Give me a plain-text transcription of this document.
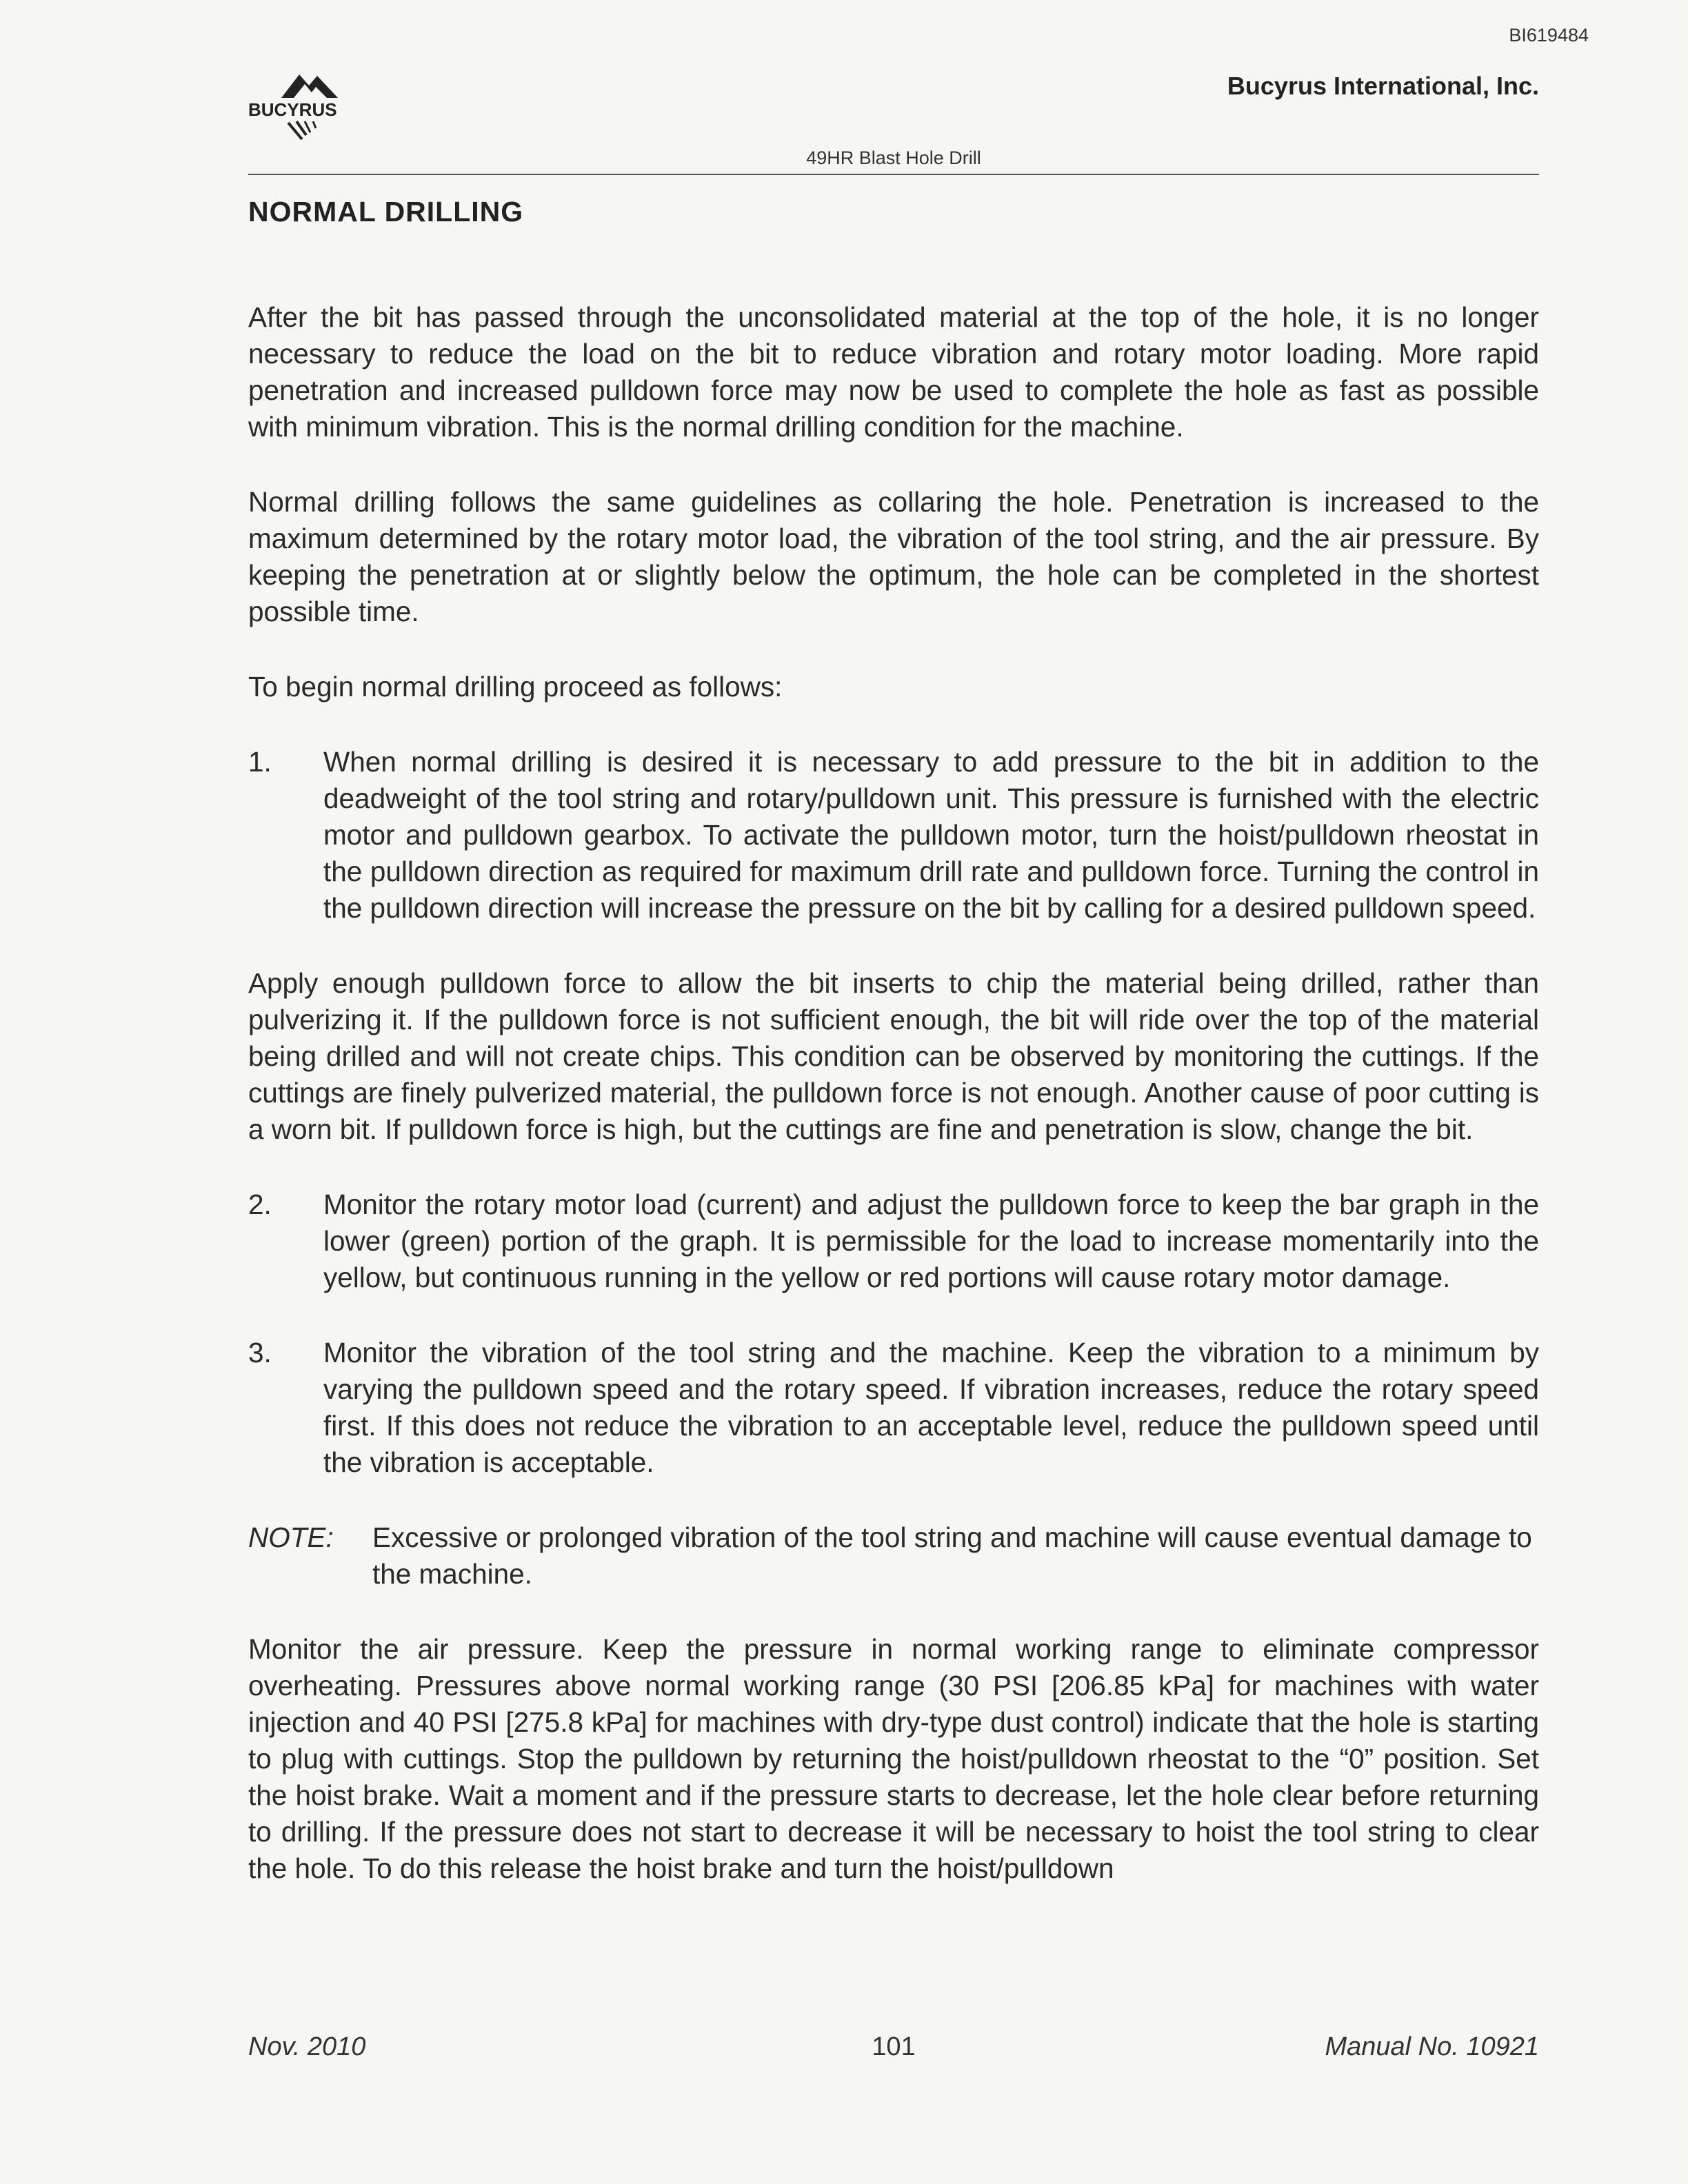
BI619484
BUCYRUS
Bucyrus International, Inc.
49HR Blast Hole Drill
NORMAL DRILLING

After the bit has passed through the unconsolidated material at the top of the hole, it is no longer necessary to reduce the load on the bit to reduce vibration and rotary motor loading. More rapid penetration and increased pulldown force may now be used to complete the hole as fast as possible with minimum vibration. This is the normal drilling condition for the machine.

Normal drilling follows the same guidelines as collaring the hole. Penetration is increased to the maximum determined by the rotary motor load, the vibration of the tool string, and the air pressure. By keeping the penetration at or slightly below the optimum, the hole can be completed in the shortest possible time.

To begin normal drilling proceed as follows:

1.	When normal drilling is desired it is necessary to add pressure to the bit in addition to the deadweight of the tool string and rotary/pulldown unit. This pressure is furnished with the electric motor and pulldown gearbox. To activate the pulldown motor, turn the hoist/pulldown rheostat in the pulldown direction as required for maximum drill rate and pulldown force. Turning the control in the pulldown direction will increase the pressure on the bit by calling for a desired pulldown speed.

Apply enough pulldown force to allow the bit inserts to chip the material being drilled, rather than pulverizing it. If the pulldown force is not sufficient enough, the bit will ride over the top of the material being drilled and will not create chips. This condition can be observed by monitoring the cuttings. If the cuttings are finely pulverized material, the pulldown force is not enough. Another cause of poor cutting is a worn bit. If pulldown force is high, but the cuttings are fine and penetration is slow, change the bit.

2.	Monitor the rotary motor load (current) and adjust the pulldown force to keep the bar graph in the lower (green) portion of the graph. It is permissible for the load to increase momentarily into the yellow, but continuous running in the yellow or red portions will cause rotary motor damage.
3.	Monitor the vibration of the tool string and the machine. Keep the vibration to a minimum by varying the pulldown speed and the rotary speed. If vibration increases, reduce the rotary speed first. If this does not reduce the vibration to an acceptable level, reduce the pulldown speed until the vibration is acceptable.
NOTE:	Excessive or prolonged vibration of the tool string and machine will cause eventual damage to the machine.

Monitor the air pressure. Keep the pressure in normal working range to eliminate compressor overheating. Pressures above normal working range (30 PSI [206.85 kPa] for machines with water injection and 40 PSI [275.8 kPa] for machines with dry-type dust control) indicate that the hole is starting to plug with cuttings. Stop the pulldown by returning the hoist/pulldown rheostat to the “0” position. Set the hoist brake. Wait a moment and if the pressure starts to decrease, let the hole clear before returning to drilling. If the pressure does not start to decrease it will be necessary to hoist the tool string to clear the hole. To do this release the hoist brake and turn the hoist/pulldown

Nov. 2010	101	Manual No. 10921
